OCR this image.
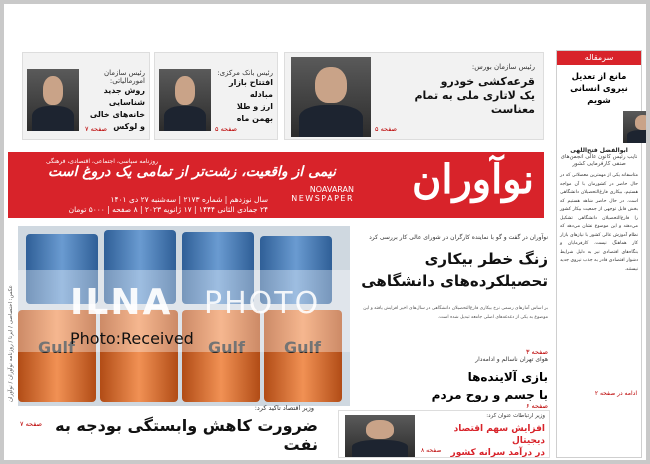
رئیس سازمان بورس:
قرعه‌کشی خودرو
یک لاتاری ملی به تمام معناست
صفحه ۵
رئیس بانک مرکزی:
افتتاح بازار مبادله
ارز و طلا
بهمن ماه
صفحه ۵
رئیس سازمان امورمالیاتی:
روش جدید شناسایی
خانه‌های خالی
و لوکس
صفحه ۷
نوآوران
روزنامه سیاسی، اجتماعی، اقتصادی، فرهنگی
NOAVARAN
NEWSPAPER
نیمی از واقعیت، زشت‌تر از تمامی یک دروغ است
سال نوزدهم | شماره ۲۱۷۳ | سه‌شنبه ۲۷ دی ۱۴۰۱
۲۴ جمادی الثانی ۱۴۴۴ | ۱۷ ژانویه ۲۰۲۳ | ۸ صفحه | ۵۰۰۰ تومان
سرمقاله
مانع از تعدیل
نیروی انسانی شویم
ابوالفضل فتح‌اللهی
نایب رئیس کانون عالی انجمن‌های صنفی کارفرمایی کشور
متاسفانه یکی از مهمترین معضلاتی که در حال حاضر در کشورمان با آن مواجه هستیم، بیکاری فارغ‌التحصیلان دانشگاهی است. در حال حاضر شاهد هستیم که بخش قابل توجهی از جمعیت بیکار کشور را فارغ‌التحصیلان دانشگاهی تشکیل می‌دهند و این موضوع نشان می‌دهد که نظام آموزش عالی کشور با نیازهای بازار کار هماهنگ نیست. کارفرمایان و بنگاه‌های اقتصادی نیز به دلیل شرایط دشوار اقتصادی قادر به جذب نیروی جدید نیستند.
ادامه در صفحه ۲
عکس: اختصاصی / ایرنا / روزنامه نوآوران / نوآوران Gulf	Gulf Gulf
ILNA PHOTO
Photo:Received
وزیر اقتصاد تاکید کرد:
ضرورت کاهش وابستگی بودجه به نفت
صفحه ۷
نوآوران در گفت و گو با نماینده کارگران در شورای عالی کار بررسی کرد
زنگ خطر بیکاری
تحصیلکرده‌های دانشگاهی
بر اساس آمارهای رسمی نرخ بیکاری فارغ‌التحصیلان دانشگاهی در سال‌های اخیر افزایش یافته و این موضوع به یکی از دغدغه‌های اصلی جامعه تبدیل شده است.
صفحه ۳
هوای تهران ناسالم و ادامه‌دار
بازی آلاینده‌ها
با جسم و روح مردم
صفحه ۶
وزیر ارتباطات عنوان کرد:
افزایش سهم اقتصاد دیجیتال
در درآمد سرانه کشور
صفحه ۸
